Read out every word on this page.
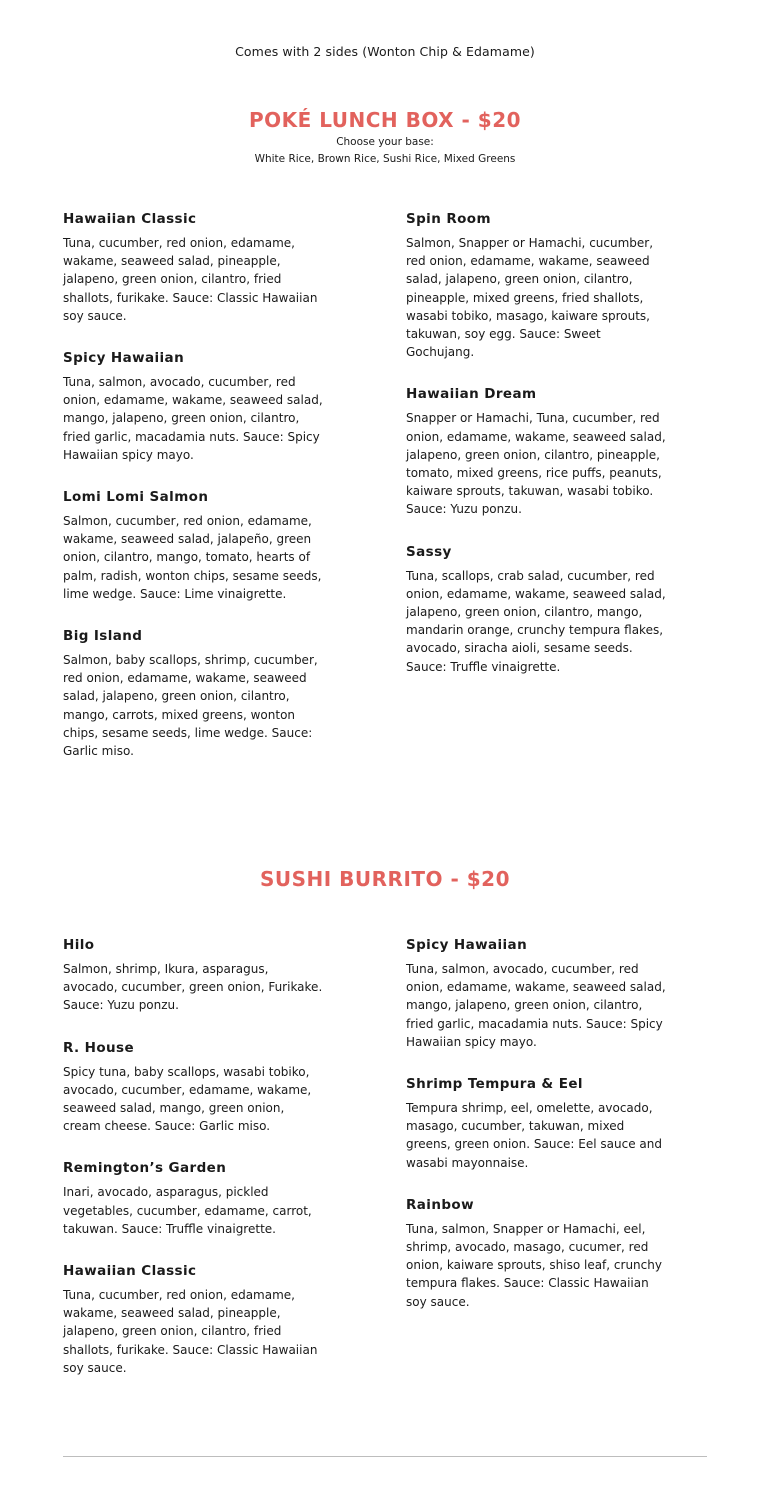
Comes with 2 sides (Wonton Chip & Edamame)
POKÉ LUNCH BOX - $20
Choose your base:
White Rice, Brown Rice, Sushi Rice, Mixed Greens
Hawaiian Classic
Tuna, cucumber, red onion, edamame, wakame, seaweed salad, pineapple, jalapeno, green onion, cilantro, fried shallots, furikake. Sauce: Classic Hawaiian soy sauce.
Spicy Hawaiian
Tuna, salmon, avocado, cucumber, red onion, edamame, wakame, seaweed salad, mango, jalapeno, green onion, cilantro, fried garlic, macadamia nuts. Sauce: Spicy Hawaiian spicy mayo.
Lomi Lomi Salmon
Salmon, cucumber, red onion, edamame, wakame, seaweed salad, jalapeño, green onion, cilantro, mango, tomato, hearts of palm, radish, wonton chips, sesame seeds, lime wedge. Sauce: Lime vinaigrette.
Big Island
Salmon, baby scallops, shrimp, cucumber, red onion, edamame, wakame, seaweed salad, jalapeno, green onion, cilantro, mango, carrots, mixed greens, wonton chips, sesame seeds, lime wedge. Sauce: Garlic miso.
Spin Room
Salmon, Snapper or Hamachi, cucumber, red onion, edamame, wakame, seaweed salad, jalapeno, green onion, cilantro, pineapple, mixed greens, fried shallots, wasabi tobiko, masago, kaiware sprouts, takuwan, soy egg. Sauce: Sweet Gochujang.
Hawaiian Dream
Snapper or Hamachi, Tuna, cucumber, red onion, edamame, wakame, seaweed salad, jalapeno, green onion, cilantro, pineapple, tomato, mixed greens, rice puffs, peanuts, kaiware sprouts, takuwan, wasabi tobiko. Sauce: Yuzu ponzu.
Sassy
Tuna, scallops, crab salad, cucumber, red onion, edamame, wakame, seaweed salad, jalapeno, green onion, cilantro, mango, mandarin orange, crunchy tempura flakes, avocado, siracha aioli, sesame seeds. Sauce: Truffle vinaigrette.
SUSHI BURRITO - $20
Hilo
Salmon, shrimp, Ikura, asparagus, avocado, cucumber, green onion, Furikake. Sauce: Yuzu ponzu.
R. House
Spicy tuna, baby scallops, wasabi tobiko, avocado, cucumber, edamame, wakame, seaweed salad, mango, green onion, cream cheese. Sauce: Garlic miso.
Remington’s Garden
Inari, avocado, asparagus, pickled vegetables, cucumber, edamame, carrot, takuwan. Sauce: Truffle vinaigrette.
Hawaiian Classic
Tuna, cucumber, red onion, edamame, wakame, seaweed salad, pineapple, jalapeno, green onion, cilantro, fried shallots, furikake. Sauce: Classic Hawaiian soy sauce.
Spicy Hawaiian
Tuna, salmon, avocado, cucumber, red onion, edamame, wakame, seaweed salad, mango, jalapeno, green onion, cilantro, fried garlic, macadamia nuts. Sauce: Spicy Hawaiian spicy mayo.
Shrimp Tempura & Eel
Tempura shrimp, eel, omelette, avocado, masago, cucumber, takuwan, mixed greens, green onion. Sauce: Eel sauce and wasabi mayonnaise.
Rainbow
Tuna, salmon, Snapper or Hamachi, eel, shrimp, avocado, masago, cucumer, red onion, kaiware sprouts, shiso leaf, crunchy tempura flakes. Sauce: Classic Hawaiian soy sauce.
